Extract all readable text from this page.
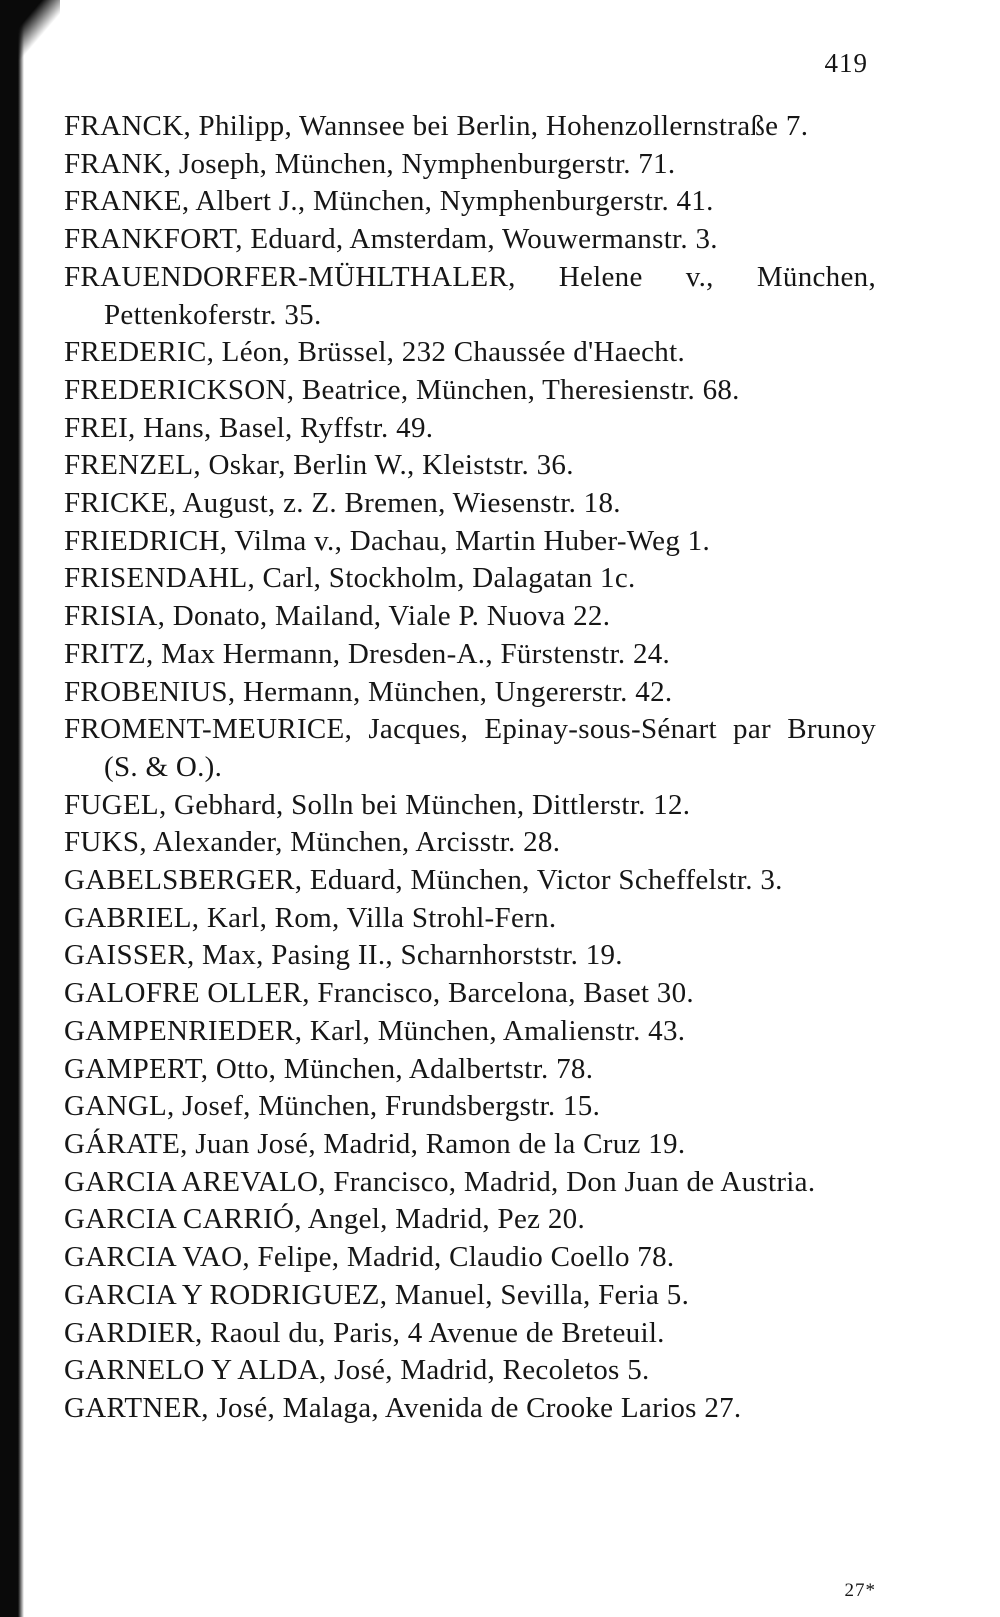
419
FRANCK, Philipp, Wannsee bei Berlin, Hohenzollernstraße 7.
FRANK, Joseph, München, Nymphenburgerstr. 71.
FRANKE, Albert J., München, Nymphenburgerstr. 41.
FRANKFORT, Eduard, Amsterdam, Wouwermanstr. 3.
FRAUENDORFER-MÜHLTHALER, Helene v., München, Pettenkoferstr. 35.
FREDERIC, Léon, Brüssel, 232 Chaussée d'Haecht.
FREDERICKSON, Beatrice, München, Theresienstr. 68.
FREI, Hans, Basel, Ryffstr. 49.
FRENZEL, Oskar, Berlin W., Kleiststr. 36.
FRICKE, August, z. Z. Bremen, Wiesenstr. 18.
FRIEDRICH, Vilma v., Dachau, Martin Huber-Weg 1.
FRISENDAHL, Carl, Stockholm, Dalagatan 1c.
FRISIA, Donato, Mailand, Viale P. Nuova 22.
FRITZ, Max Hermann, Dresden-A., Fürstenstr. 24.
FROBENIUS, Hermann, München, Ungererstr. 42.
FROMENT-MEURICE, Jacques, Epinay-sous-Sénart par Brunoy (S. & O.).
FUGEL, Gebhard, Solln bei München, Dittlerstr. 12.
FUKS, Alexander, München, Arcisstr. 28.
GABELSBERGER, Eduard, München, Victor Scheffelstr. 3.
GABRIEL, Karl, Rom, Villa Strohl-Fern.
GAISSER, Max, Pasing II., Scharnhorststr. 19.
GALOFRE OLLER, Francisco, Barcelona, Baset 30.
GAMPENRIEDER, Karl, München, Amalienstr. 43.
GAMPERT, Otto, München, Adalbertstr. 78.
GANGL, Josef, München, Frundsbergstr. 15.
GÁRATE, Juan José, Madrid, Ramon de la Cruz 19.
GARCIA AREVALO, Francisco, Madrid, Don Juan de Austria.
GARCIA CARRIÓ, Angel, Madrid, Pez 20.
GARCIA VAO, Felipe, Madrid, Claudio Coello 78.
GARCIA Y RODRIGUEZ, Manuel, Sevilla, Feria 5.
GARDIER, Raoul du, Paris, 4 Avenue de Breteuil.
GARNELO Y ALDA, José, Madrid, Recoletos 5.
GARTNER, José, Malaga, Avenida de Crooke Larios 27.
27*
